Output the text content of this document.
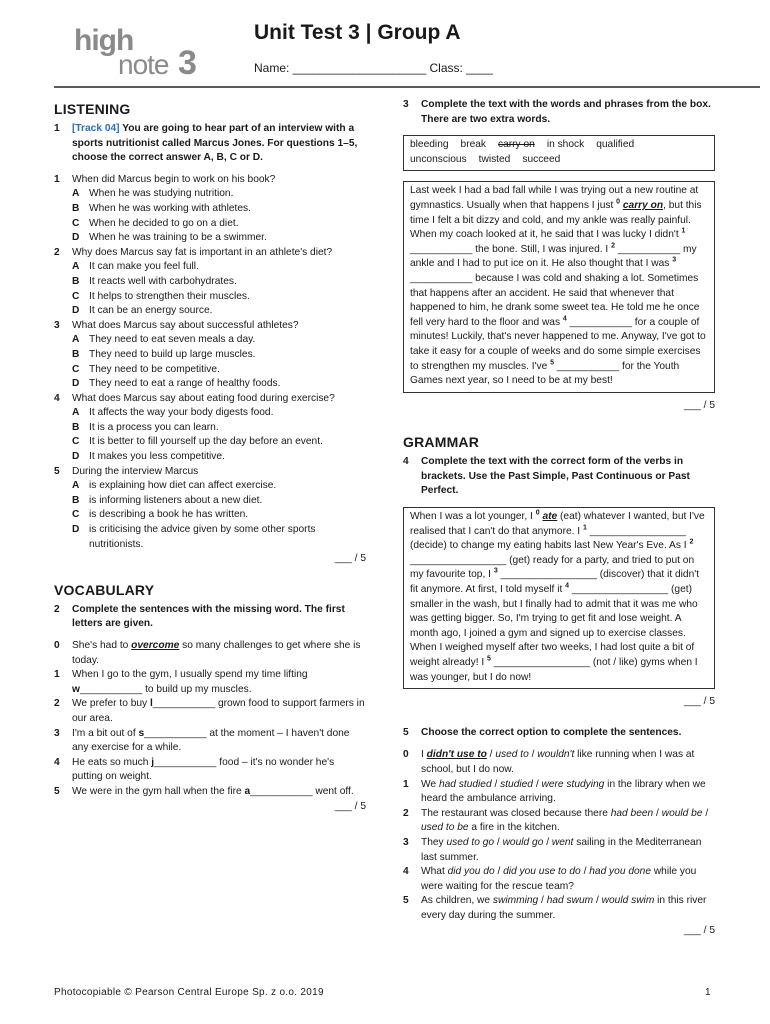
high
note 3
Unit Test 3 | Group A
Name: ____________________ Class: ____
LISTENING
1	[Track 04] You are going to hear part of an interview with a sports nutritionist called Marcus Jones. For questions 1–5, choose the correct answer A, B, C or D.
1	When did Marcus begin to work on his book?
A When he was studying nutrition.
B When he was working with athletes.
C When he decided to go on a diet.
D When he was training to be a swimmer.
2	Why does Marcus say fat is important in an athlete's diet?
A It can make you feel full.
B It reacts well with carbohydrates.
C It helps to strengthen their muscles.
D It can be an energy source.
3	What does Marcus say about successful athletes?
A They need to eat seven meals a day.
B They need to build up large muscles.
C They need to be competitive.
D They need to eat a range of healthy foods.
4	What does Marcus say about eating food during exercise?
A It affects the way your body digests food.
B It is a process you can learn.
C It is better to fill yourself up the day before an event.
D It makes you less competitive.
5	During the interview Marcus
A is explaining how diet can affect exercise.
B is informing listeners about a new diet.
C is describing a book he has written.
D is criticising the advice given by some other sports nutritionists.
___ / 5
VOCABULARY
2	Complete the sentences with the missing word. The first letters are given.
0	She's had to overcome so many challenges to get where she is today.
1	When I go to the gym, I usually spend my time lifting w___________ to build up my muscles.
2	We prefer to buy l___________ grown food to support farmers in our area.
3	I'm a bit out of s___________ at the moment – I haven't done any exercise for a while.
4	He eats so much j___________ food – it's no wonder he's putting on weight.
5	We were in the gym hall when the fire a___________ went off.
___ / 5
3	Complete the text with the words and phrases from the box. There are two extra words.
bleeding break carry on in shock qualified
unconscious twisted succeed
Last week I had a bad fall while I was trying out a new routine at gymnastics. Usually when that happens I just $^0$ carry on, but this time I felt a bit dizzy and cold, and my ankle was really painful. When my coach looked at it, he said that I was lucky I didn't $^1$ ___________ the bone. Still, I was injured. I $^2$ ___________ my ankle and I had to put ice on it. He also thought that I was $^3$ ___________ because I was cold and shaking a lot. Sometimes that happens after an accident. He said that whenever that happened to him, he drank some sweet tea. He told me he once fell very hard to the floor and was $^4$ ___________ for a couple of minutes! Luckily, that's never happened to me. Anyway, I've got to take it easy for a couple of weeks and do some simple exercises to strengthen my muscles. I've $^5$ ___________ for the Youth Games next year, so I need to be at my best!
___ / 5
GRAMMAR
4	Complete the text with the correct form of the verbs in brackets. Use the Past Simple, Past Continuous or Past Perfect.
When I was a lot younger, I $^0$ ate (eat) whatever I wanted, but I've realised that I can't do that anymore. I $^1$ _________________ (decide) to change my eating habits last New Year's Eve. As I $^2$ _________________ (get) ready for a party, and tried to put on my favourite top, I $^3$ _________________ (discover) that it didn't fit anymore. At first, I told myself it $^4$ _________________ (get) smaller in the wash, but I finally had to admit that it was me who was getting bigger. So, I'm trying to get fit and lose weight. A month ago, I joined a gym and signed up to exercise classes. When I weighed myself after two weeks, I had lost quite a bit of weight already! I $^5$ _________________ (not / like) gyms when I was younger, but I do now!
___ / 5
5	Choose the correct option to complete the sentences.
0	I didn't use to / used to / wouldn't like running when I was at school, but I do now.
1	We had studied / studied / were studying in the library when we heard the ambulance arriving.
2	The restaurant was closed because there had been / would be / used to be a fire in the kitchen.
3	They used to go / would go / went sailing in the Mediterranean last summer.
4	What did you do / did you use to do / had you done while you were waiting for the rescue team?
5	As children, we swimming / had swum / would swim in this river every day during the summer.
___ / 5
Photocopiable © Pearson Central Europe Sp. z o.o. 2019	1
